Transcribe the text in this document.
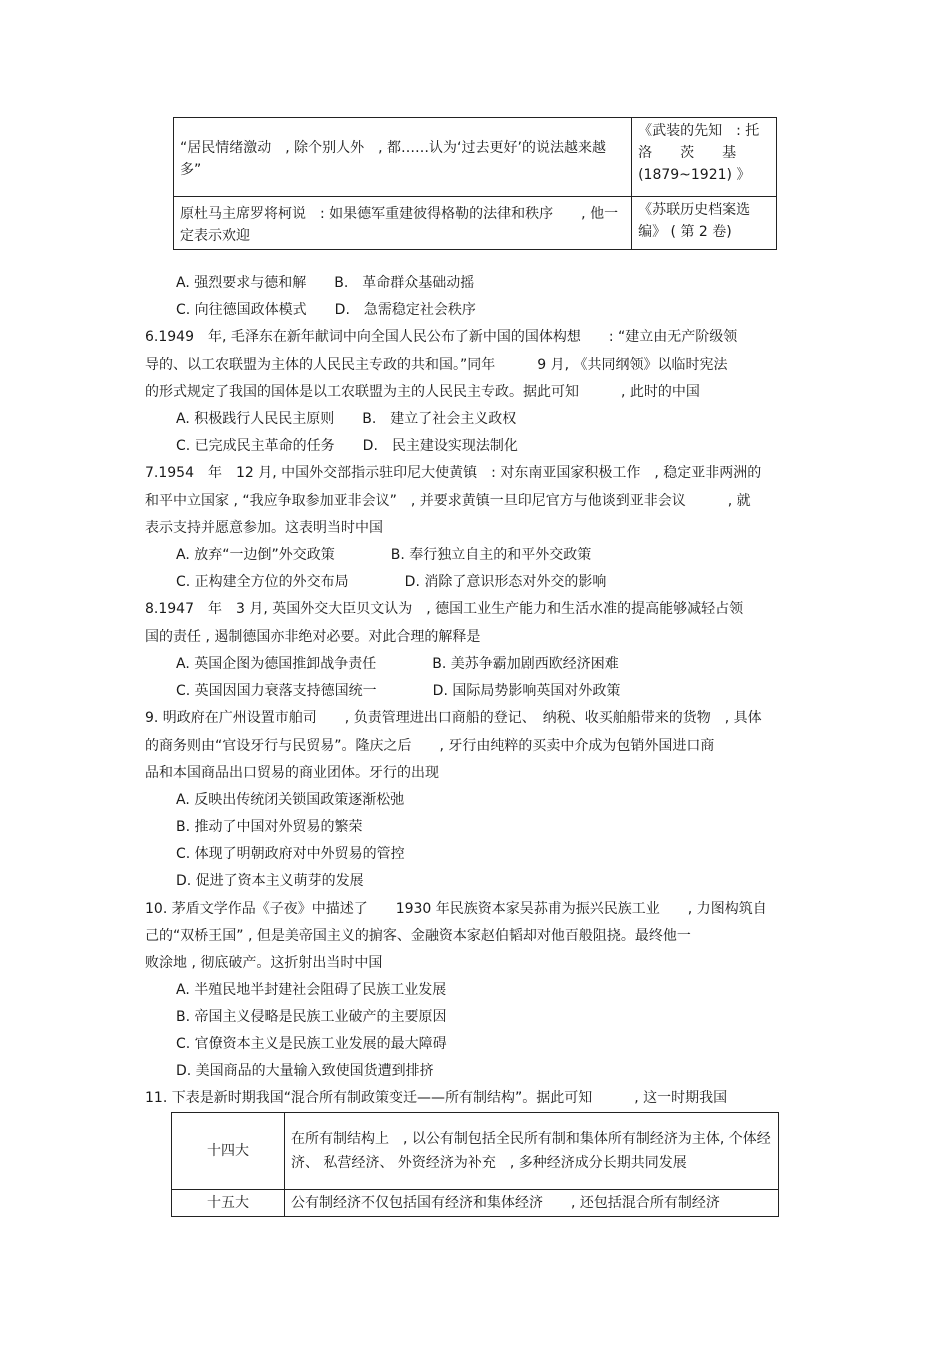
“居民情绪激动　, 除个别人外　, 都……认为‘过去更好’的说法越来越多”	《武装的先知　: 托洛　　茨　　基 (1879~1921) 》
原杜马主席罗将柯说　: 如果德军重建彼得格勒的法律和秩序　　, 他一定表示欢迎	《苏联历史档案选编》 ( 第 2 卷)
A. 强烈要求与德和解　　B.　革命群众基础动摇
C. 向往德国政体模式　　D.　急需稳定社会秩序
6.1949　年, 毛泽东在新年献词中向全国人民公布了新中国的国体构想　　: “建立由无产阶级领
导的、以工农联盟为主体的人民民主专政的共和国。”同年　　　9 月, 《共同纲领》以临时宪法
的形式规定了我国的国体是以工农联盟为主的人民民主专政。据此可知　　　, 此时的中国
A. 积极践行人民民主原则　　B.　建立了社会主义政权
C. 已完成民主革命的任务　　D.　民主建设实现法制化
7.1954　年　12 月, 中国外交部指示驻印尼大使黄镇　: 对东南亚国家积极工作　, 稳定亚非两洲的
和平中立国家 , “我应争取参加亚非会议”　, 并要求黄镇一旦印尼官方与他谈到亚非会议　　　, 就
表示支持并愿意参加。这表明当时中国
A. 放弃“一边倒”外交政策　　　　B. 奉行独立自主的和平外交政策
C. 正构建全方位的外交布局　　　　D. 消除了意识形态对外交的影响
8.1947　年　3 月, 英国外交大臣贝文认为　, 德国工业生产能力和生活水准的提高能够减轻占领
国的责任 , 遏制德国亦非绝对必要。对此合理的解释是
A. 英国企图为德国推卸战争责任　　　　B. 美苏争霸加剧西欧经济困难
C. 英国因国力衰落支持德国统一　　　　D. 国际局势影响英国对外政策
9. 明政府在广州设置市舶司　　, 负责管理进出口商船的登记、　纳税、收买舶船带来的货物　, 具体
的商务则由“官设牙行与民贸易”。隆庆之后　　, 牙行由纯粹的买卖中介成为包销外国进口商
品和本国商品出口贸易的商业团体。牙行的出现
A. 反映出传统闭关锁国政策逐渐松弛
B. 推动了中国对外贸易的繁荣
C. 体现了明朝政府对中外贸易的管控
D. 促进了资本主义萌芽的发展
10. 茅盾文学作品《子夜》中描述了　　1930 年民族资本家吴荪甫为振兴民族工业　　, 力图构筑自
己的“双桥王国” , 但是美帝国主义的掮客、金融资本家赵伯韬却对他百般阻挠。最终他一
败涂地 , 彻底破产。这折射出当时中国
A. 半殖民地半封建社会阻碍了民族工业发展
B. 帝国主义侵略是民族工业破产的主要原因
C. 官僚资本主义是民族工业发展的最大障碍
D. 美国商品的大量输入致使国货遭到排挤
11. 下表是新时期我国“混合所有制政策变迁——所有制结构”。据此可知　　　, 这一时期我国
十四大	在所有制结构上　, 以公有制包括全民所有制和集体所有制经济为主体, 个体经济、 私营经济、 外资经济为补充　, 多种经济成分长期共同发展
十五大	公有制经济不仅包括国有经济和集体经济　　, 还包括混合所有制经济
